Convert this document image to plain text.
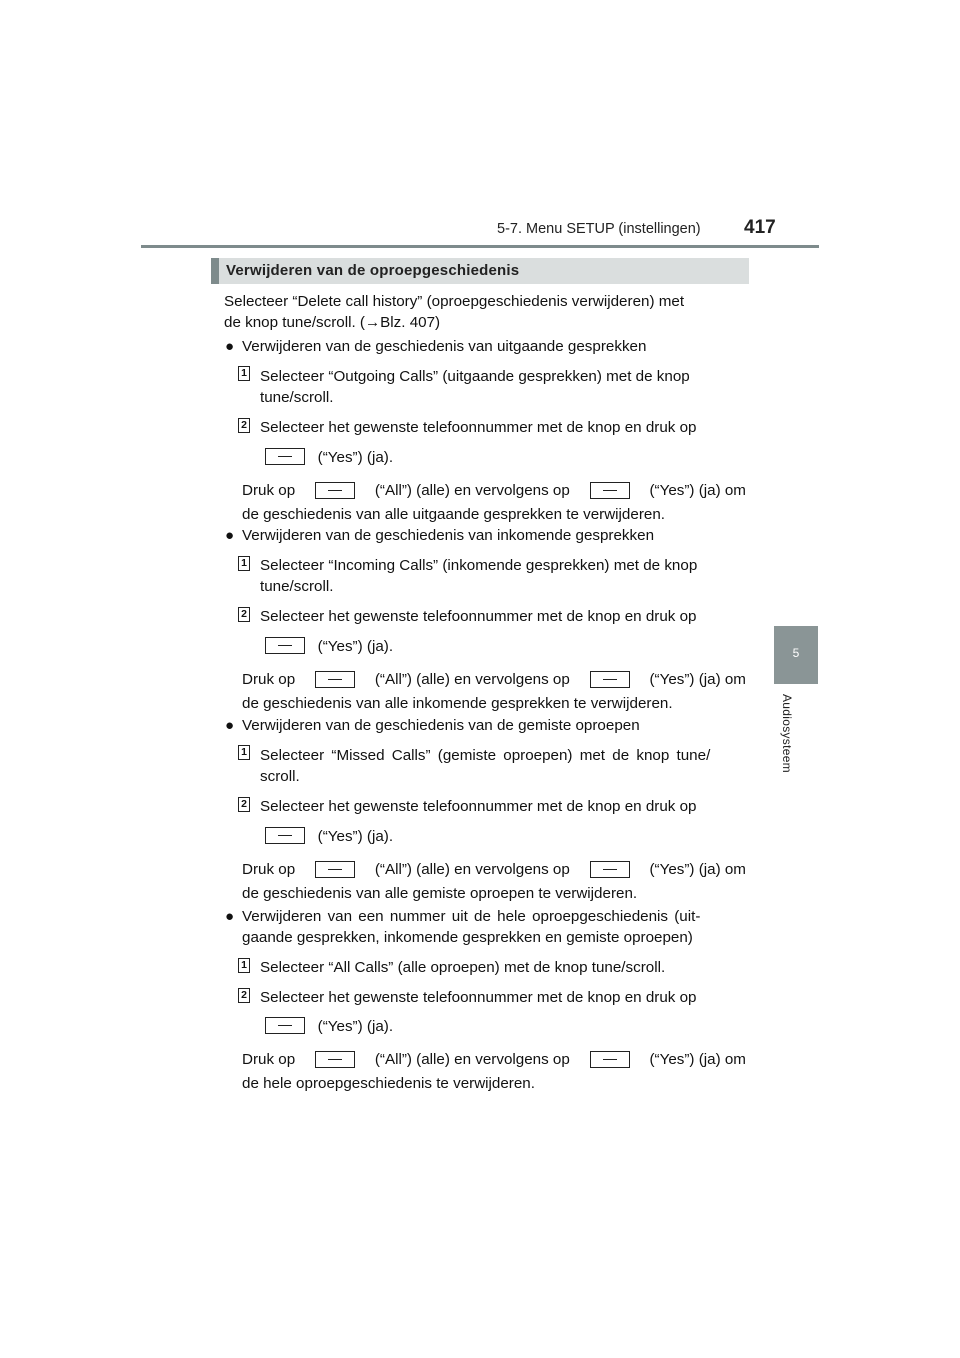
5-7. Menu SETUP (instellingen) 417
5
Audiosysteem
Verwijderen van de oproepgeschiedenis
Selecteer “Delete call history” (oproepgeschiedenis verwijderen) met
de knop tune/scroll. (→Blz. 407)
● Verwijderen van de geschiedenis van uitgaande gesprekken
1 Selecteer “Outgoing Calls” (uitgaande gesprekken) met de knop
tune/scroll.
2 Selecteer het gewenste telefoonnummer met de knop en druk op
(“Yes”) (ja).
Druk op	(“All”) (alle) en vervolgens op	(“Yes”) (ja) om
de geschiedenis van alle uitgaande gesprekken te verwijderen.
● Verwijderen van de geschiedenis van inkomende gesprekken
1 Selecteer “Incoming Calls” (inkomende gesprekken) met de knop
tune/scroll.
2 Selecteer het gewenste telefoonnummer met de knop en druk op
(“Yes”) (ja).
Druk op	(“All”) (alle) en vervolgens op	(“Yes”) (ja) om
de geschiedenis van alle inkomende gesprekken te verwijderen.
● Verwijderen van de geschiedenis van de gemiste oproepen
1 Selecteer “Missed Calls” (gemiste oproepen) met de knop tune/
scroll.
2 Selecteer het gewenste telefoonnummer met de knop en druk op
(“Yes”) (ja).
Druk op	(“All”) (alle) en vervolgens op	(“Yes”) (ja) om
de geschiedenis van alle gemiste oproepen te verwijderen.
● Verwijderen van een nummer uit de hele oproepgeschiedenis (uit-
gaande gesprekken, inkomende gesprekken en gemiste oproepen)
1 Selecteer “All Calls” (alle oproepen) met de knop tune/scroll.
2 Selecteer het gewenste telefoonnummer met de knop en druk op
(“Yes”) (ja).
Druk op	(“All”) (alle) en vervolgens op	(“Yes”) (ja) om
de hele oproepgeschiedenis te verwijderen.
